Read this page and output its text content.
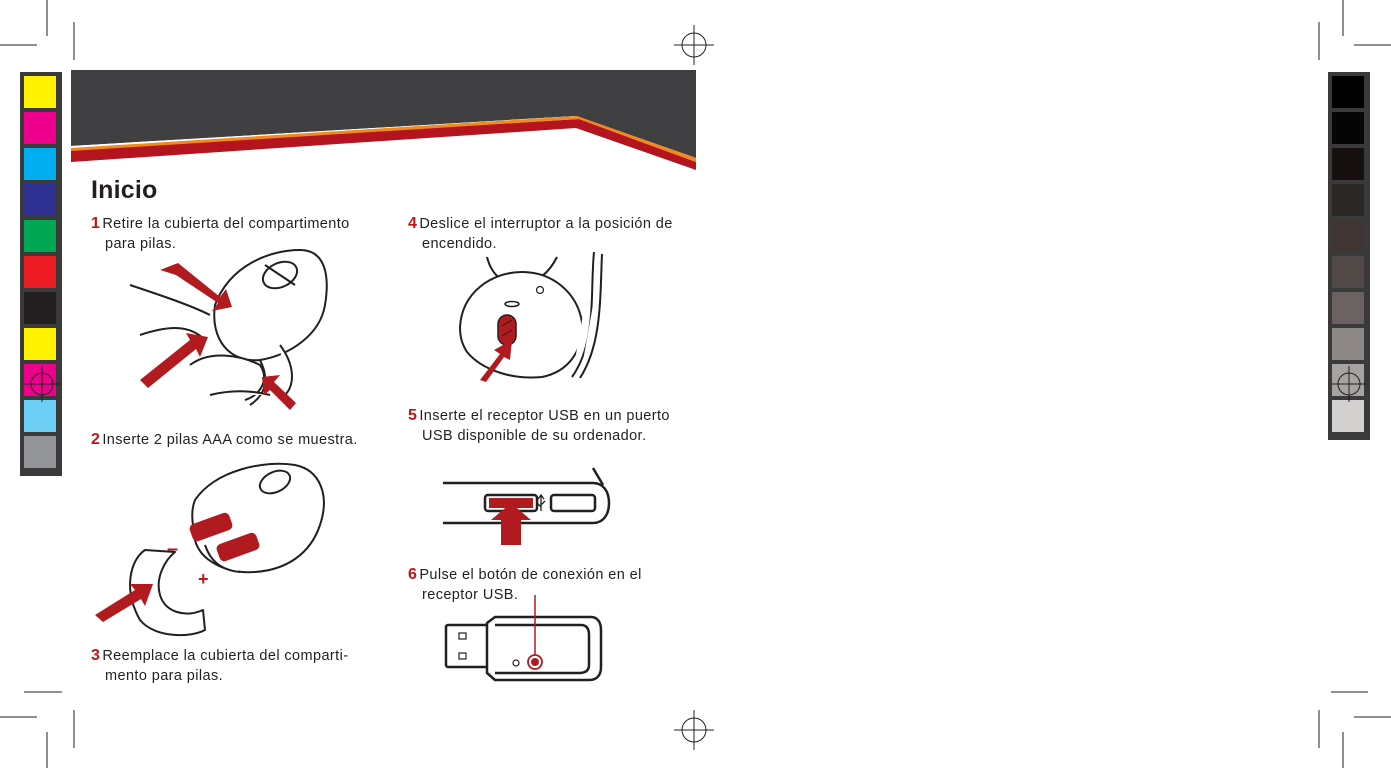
Inicio
1 Retire la cubierta del compartimento
para pilas.
2 Inserte 2 pilas AAA como se muestra.
3 Reemplace la cubierta del comparti-
mento para pilas.
4 Deslice el interruptor a la posición de
encendido.
5 Inserte el receptor USB en un puerto
USB disponible de su ordenador.
6 Pulse el botón de conexión en el
receptor USB.
–
+
